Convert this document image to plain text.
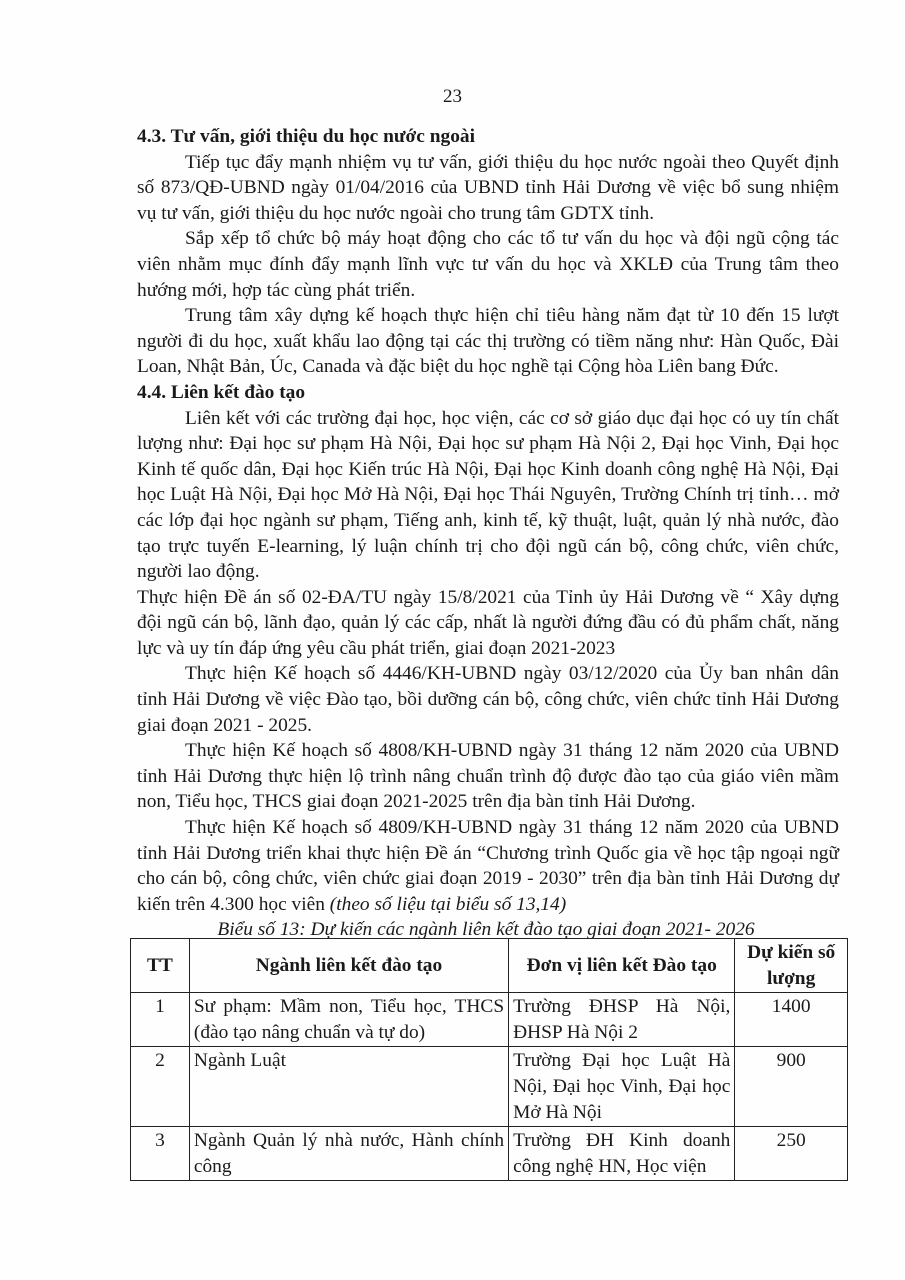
23
4.3. Tư vấn, giới thiệu du học nước ngoài

Tiếp tục đẩy mạnh nhiệm vụ tư vấn, giới thiệu du học nước ngoài theo Quyết định số 873/QĐ-UBND ngày 01/04/2016 của UBND tỉnh Hải Dương về việc bổ sung nhiệm vụ tư vấn, giới thiệu du học nước ngoài cho trung tâm GDTX tỉnh.

Sắp xếp tổ chức bộ máy hoạt động cho các tổ tư vấn du học và đội ngũ cộng tác viên nhằm mục đính đẩy mạnh lĩnh vực tư vấn du học và XKLĐ của Trung tâm theo hướng mới, hợp tác cùng phát triển.

Trung tâm xây dựng kế hoạch thực hiện chỉ tiêu hàng năm đạt từ 10 đến 15 lượt người đi du học, xuất khẩu lao động tại các thị trường có tiềm năng như: Hàn Quốc, Đài Loan, Nhật Bản, Úc, Canada và đặc biệt du học nghề tại Cộng hòa Liên bang Đức.

4.4. Liên kết đào tạo

Liên kết với các trường đại học, học viện, các cơ sở giáo dục đại học có uy tín chất lượng như: Đại học sư phạm Hà Nội, Đại học sư phạm Hà Nội 2, Đại học Vinh, Đại học Kinh tế quốc dân, Đại học Kiến trúc Hà Nội, Đại học Kinh doanh công nghệ Hà Nội, Đại học Luật Hà Nội, Đại học Mở Hà Nội, Đại học Thái Nguyên, Trường Chính trị tỉnh… mở các lớp đại học ngành sư phạm, Tiếng anh, kinh tế, kỹ thuật, luật, quản lý nhà nước, đào tạo trực tuyến E-learning, lý luận chính trị cho đội ngũ cán bộ, công chức, viên chức, người lao động.

Thực hiện Đề án số 02-ĐA/TU ngày 15/8/2021 của Tỉnh ủy Hải Dương về “ Xây dựng đội ngũ cán bộ, lãnh đạo, quản lý các cấp, nhất là người đứng đầu có đủ phẩm chất, năng lực và uy tín đáp ứng yêu cầu phát triển, giai đoạn 2021-2023

Thực hiện Kế hoạch số 4446/KH-UBND ngày 03/12/2020 của Ủy ban nhân dân tỉnh Hải Dương về việc Đào tạo, bồi dưỡng cán bộ, công chức, viên chức tỉnh Hải Dương giai đoạn 2021 - 2025.

Thực hiện Kế hoạch số 4808/KH-UBND ngày 31 tháng 12 năm 2020 của UBND tỉnh Hải Dương thực hiện lộ trình nâng chuẩn trình độ được đào tạo của giáo viên mầm non, Tiểu học, THCS giai đoạn 2021-2025 trên địa bàn tỉnh Hải Dương.

Thực hiện Kế hoạch số 4809/KH-UBND ngày 31 tháng 12 năm 2020 của UBND tỉnh Hải Dương triển khai thực hiện Đề án “Chương trình Quốc gia về học tập ngoại ngữ cho cán bộ, công chức, viên chức giai đoạn 2019 - 2030” trên địa bàn tỉnh Hải Dương dự kiến trên 4.300 học viên (theo số liệu tại biểu số 13,14)

Biểu số 13: Dự kiến các ngành liên kết đào tạo giai đoạn 2021- 2026

TT	Ngành liên kết đào tạo	Đơn vị liên kết Đào tạo	Dự kiến số lượng
1	Sư phạm: Mầm non, Tiểu học, THCS (đào tạo nâng chuẩn và tự do)	Trường ĐHSP Hà Nội, ĐHSP Hà Nội 2	1400
2	Ngành Luật	Trường Đại học Luật Hà Nội, Đại học Vinh, Đại học Mở Hà Nội	900
3	Ngành Quản lý nhà nước, Hành chính công	Trường ĐH Kinh doanh công nghệ HN, Học viện	250
